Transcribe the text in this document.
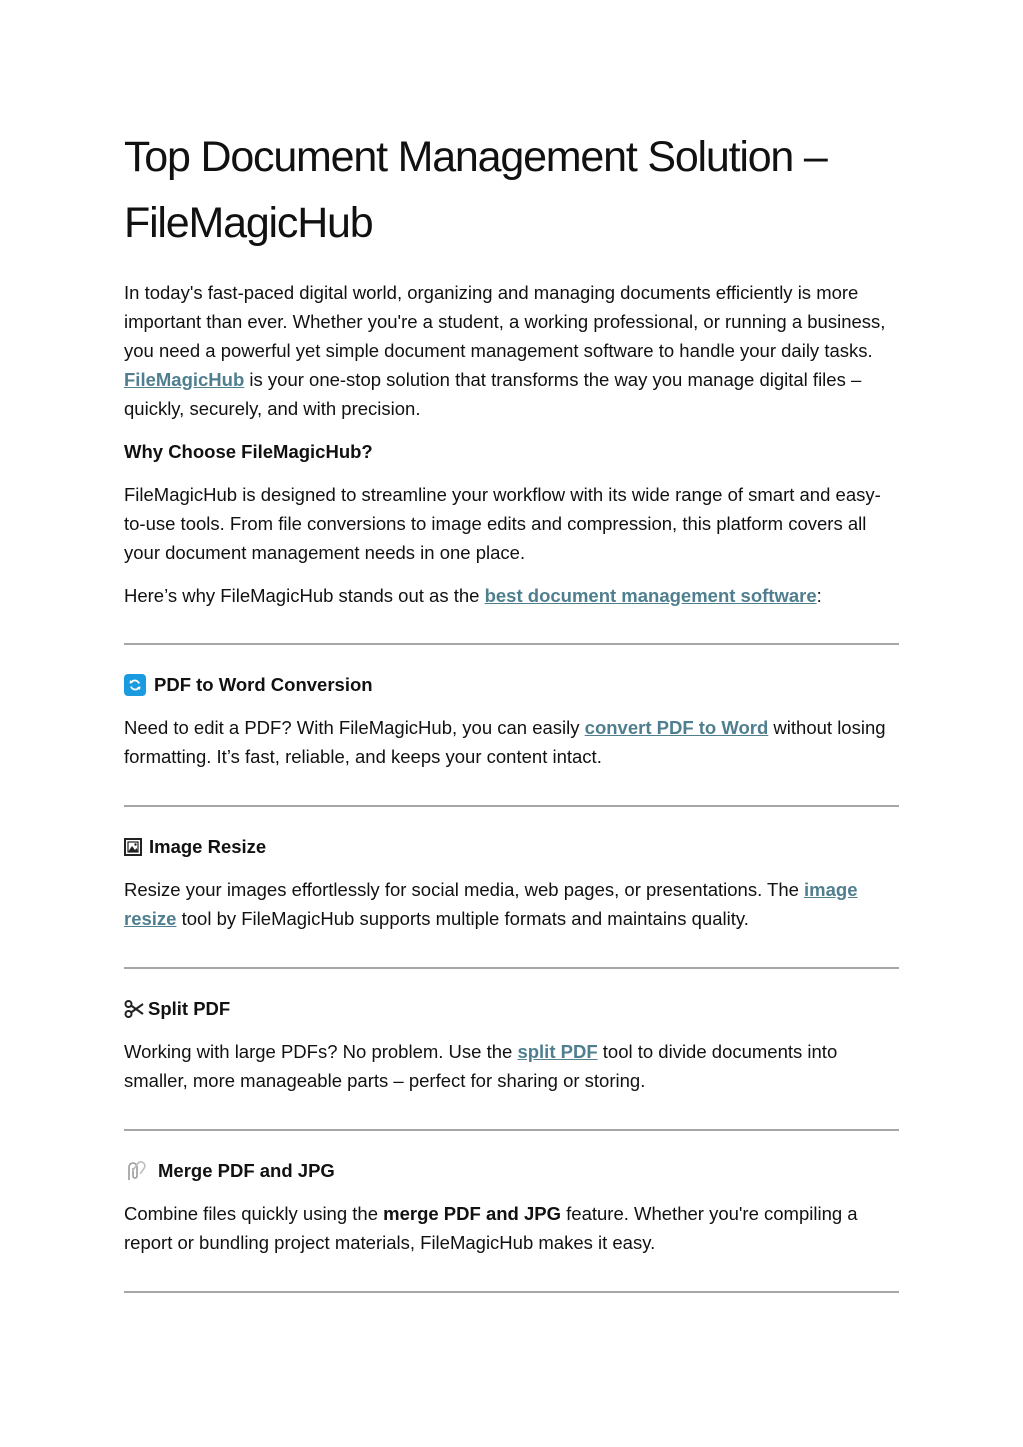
Top Document Management Solution – FileMagicHub

In today's fast-paced digital world, organizing and managing documents efficiently is more important than ever. Whether you're a student, a working professional, or running a business, you need a powerful yet simple document management software to handle your daily tasks. FileMagicHub is your one-stop solution that transforms the way you manage digital files – quickly, securely, and with precision.

Why Choose FileMagicHub?

FileMagicHub is designed to streamline your workflow with its wide range of smart and easy-to-use tools. From file conversions to image edits and compression, this platform covers all your document management needs in one place.

Here’s why FileMagicHub stands out as the best document management software:

PDF to Word Conversion

Need to edit a PDF? With FileMagicHub, you can easily convert PDF to Word without losing formatting. It’s fast, reliable, and keeps your content intact.

Image Resize

Resize your images effortlessly for social media, web pages, or presentations. The image resize tool by FileMagicHub supports multiple formats and maintains quality.

Split PDF

Working with large PDFs? No problem. Use the split PDF tool to divide documents into smaller, more manageable parts – perfect for sharing or storing.

Merge PDF and JPG

Combine files quickly using the merge PDF and JPG feature. Whether you're compiling a report or bundling project materials, FileMagicHub makes it easy.
